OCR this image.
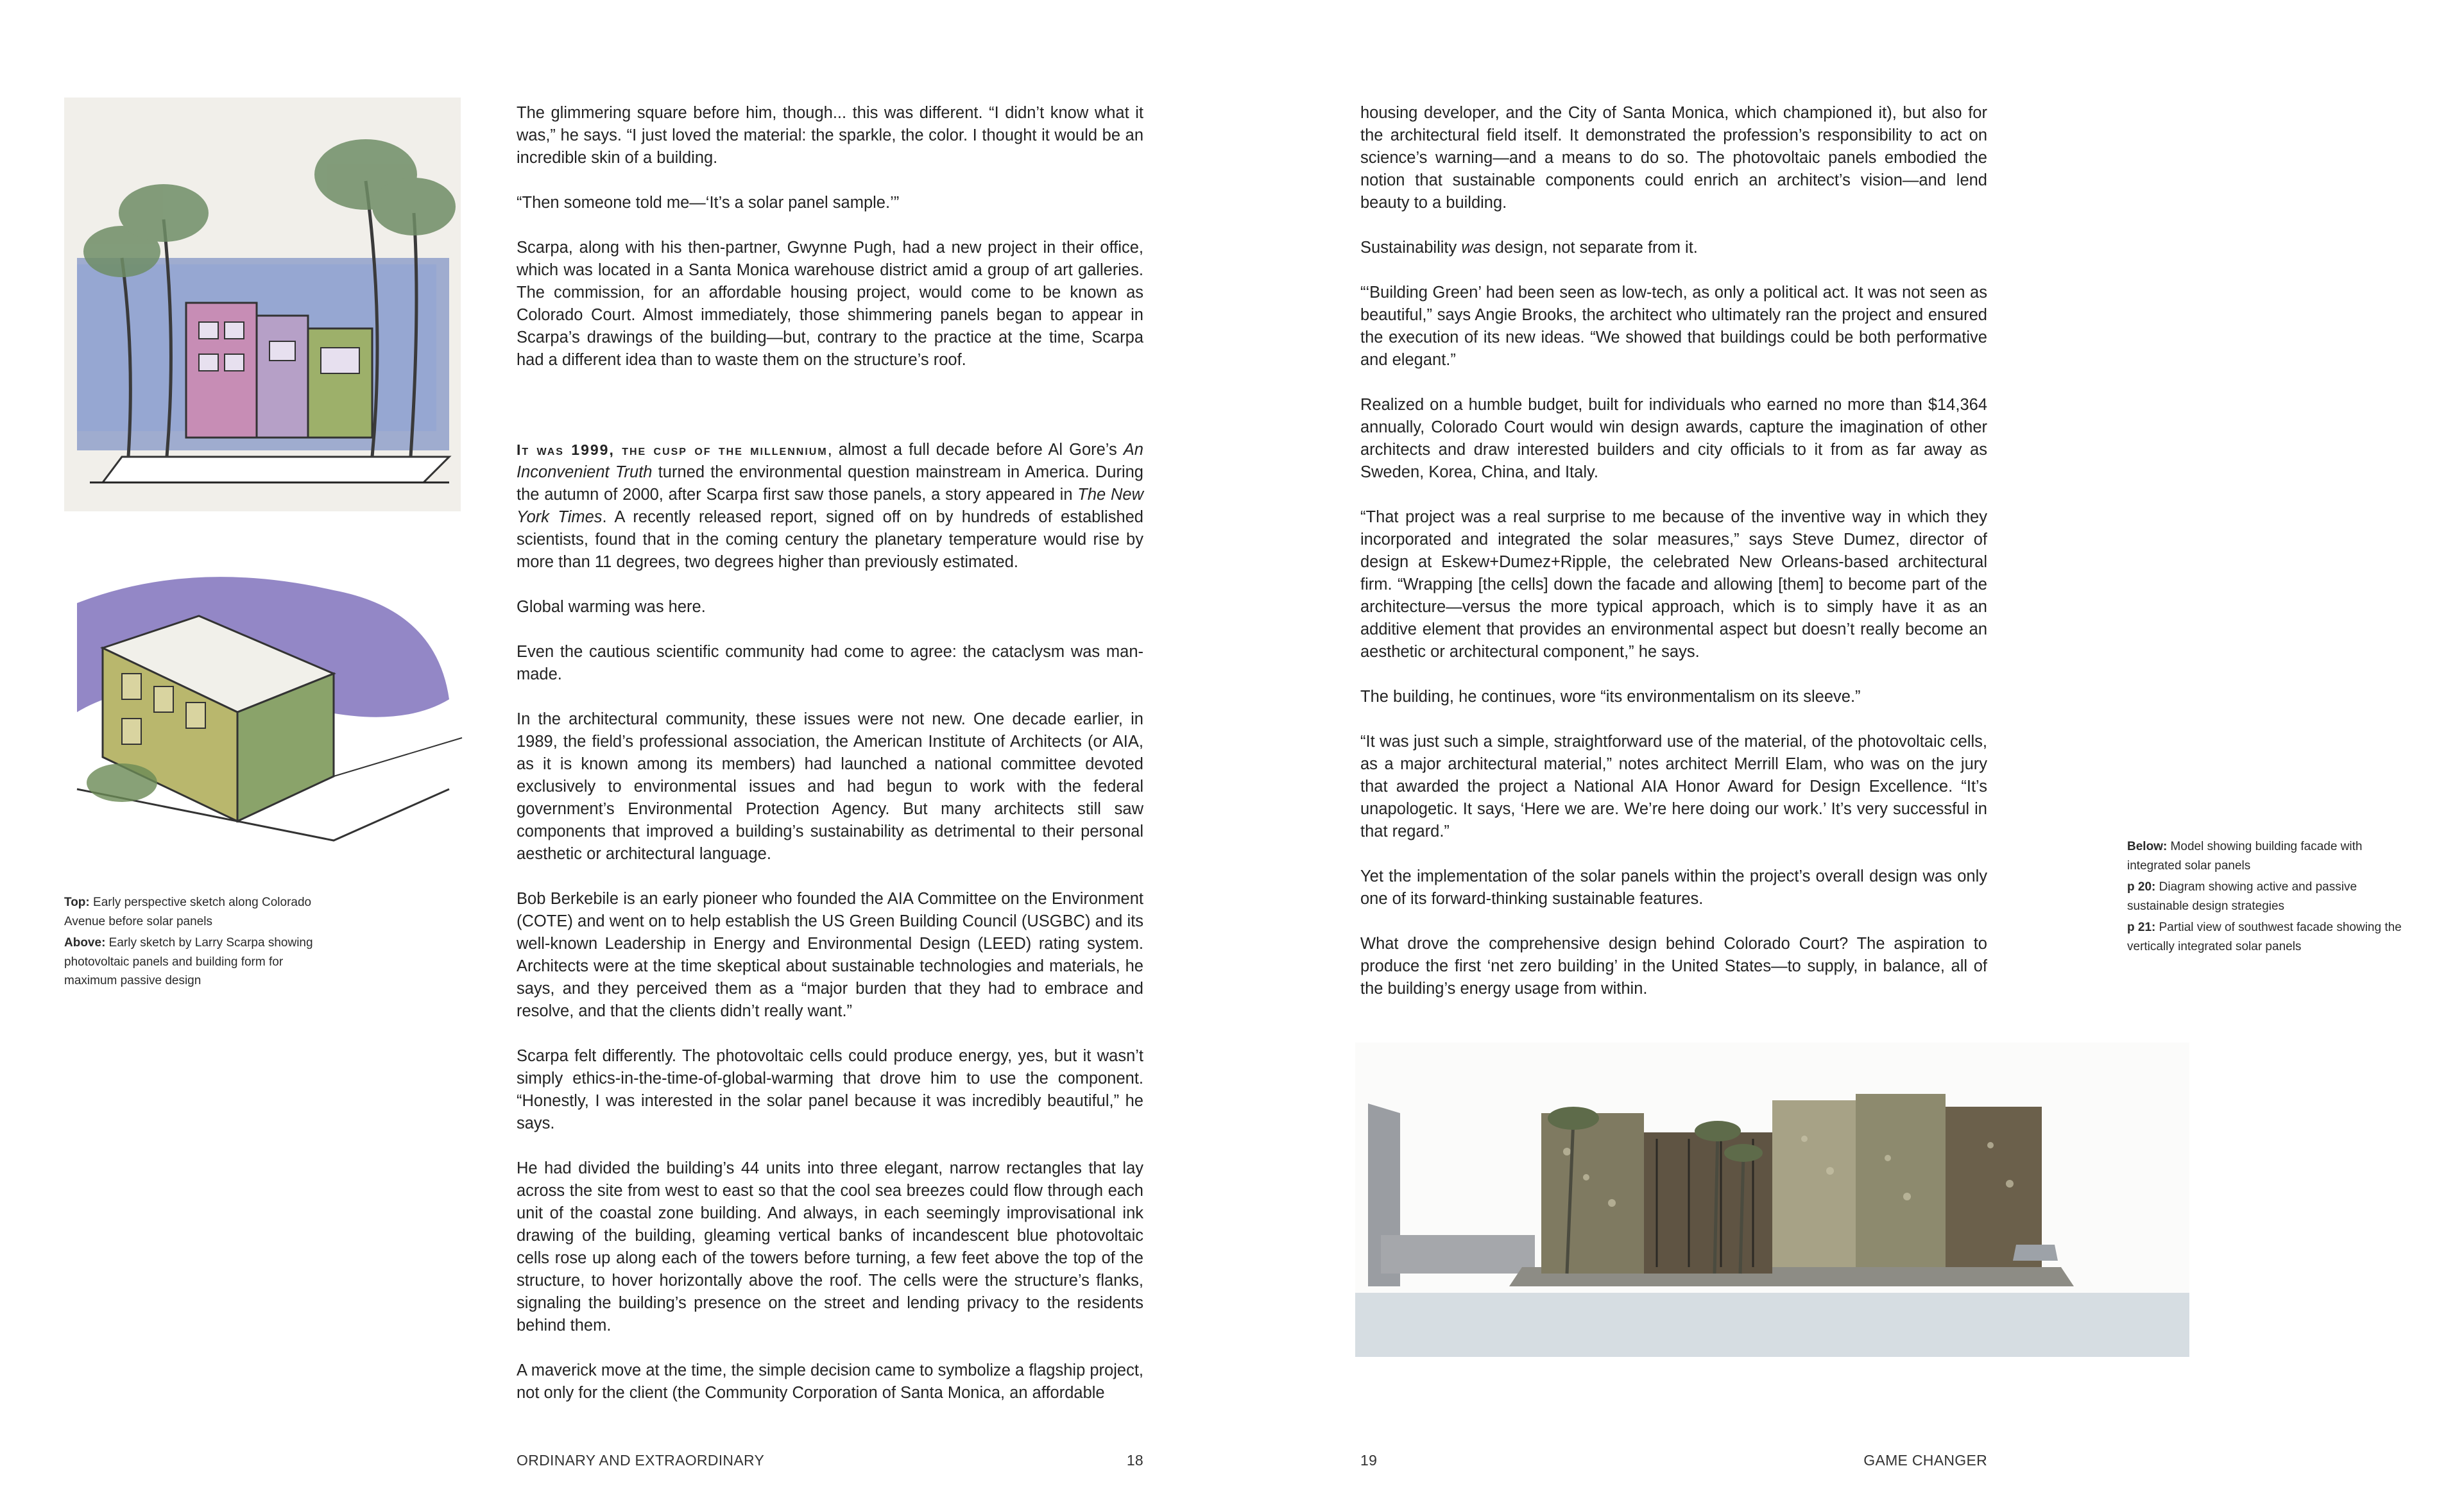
Top: Early perspective sketch along Colorado Avenue before solar panels

Above: Early sketch by Larry Scarpa showing photovoltaic panels and building form for maximum passive design

The glimmering square before him, though... this was different. “I didn’t know what it was,” he says. “I just loved the material: the sparkle, the color. I thought it would be an incredible skin of a building.

“Then someone told me—‘It’s a solar panel sample.’”

Scarpa, along with his then-partner, Gwynne Pugh, had a new project in their office, which was located in a Santa Monica warehouse district amid a group of art galleries. The commission, for an affordable housing project, would come to be known as Colorado Court. Almost immediately, those shimmering panels began to appear in Scarpa’s drawings of the building—but, contrary to the practice at the time, Scarpa had a different idea than to waste them on the structure’s roof.

It was 1999, the cusp of the millennium, almost a full decade before Al Gore’s An Inconvenient Truth turned the environmental question mainstream in America. During the autumn of 2000, after Scarpa first saw those panels, a story appeared in The New York Times. A recently released report, signed off on by hundreds of established scientists, found that in the coming century the planetary temperature would rise by more than 11 degrees, two degrees higher than previously estimated.

Global warming was here.

Even the cautious scientific community had come to agree: the cataclysm was man-made.

In the architectural community, these issues were not new. One decade earlier, in 1989, the field’s professional association, the American Institute of Architects (or AIA, as it is known among its members) had launched a national committee devoted exclusively to environmental issues and had begun to work with the federal government’s Environmental Protection Agency. But many architects still saw components that improved a building’s sustainability as detrimental to their personal aesthetic or architectural language.

Bob Berkebile is an early pioneer who founded the AIA Committee on the Environment (COTE) and went on to help establish the US Green Building Council (USGBC) and its well-known Leadership in Energy and Environmental Design (LEED) rating system. Architects were at the time skeptical about sustainable technologies and materials, he says, and they perceived them as a “major burden that they had to embrace and resolve, and that the clients didn’t really want.”

Scarpa felt differently. The photovoltaic cells could produce energy, yes, but it wasn’t simply ethics-in-the-time-of-global-warming that drove him to use the component. “Honestly, I was interested in the solar panel because it was incredibly beautiful,” he says.

He had divided the building’s 44 units into three elegant, narrow rectangles that lay across the site from west to east so that the cool sea breezes could flow through each unit of the coastal zone building. And always, in each seemingly improvisational ink drawing of the building, gleaming vertical banks of incandescent blue photovoltaic cells rose up along each of the towers before turning, a few feet above the top of the structure, to hover horizontally above the roof. The cells were the structure’s flanks, signaling the building’s presence on the street and lending privacy to the residents behind them.

A maverick move at the time, the simple decision came to symbolize a flagship project, not only for the client (the Community Corporation of Santa Monica, an affordable

ORDINARY AND EXTRAORDINARY	18

housing developer, and the City of Santa Monica, which championed it), but also for the architectural field itself. It demonstrated the profession’s responsibility to act on science’s warning—and a means to do so. The photovoltaic panels embodied the notion that sustainable components could enrich an architect’s vision—and lend beauty to a building.

Sustainability was design, not separate from it.

“‘Building Green’ had been seen as low-tech, as only a political act. It was not seen as beautiful,” says Angie Brooks, the architect who ultimately ran the project and ensured the execution of its new ideas. “We showed that buildings could be both performative and elegant.”

Realized on a humble budget, built for individuals who earned no more than $14,364 annually, Colorado Court would win design awards, capture the imagination of other architects and draw interested builders and city officials to it from as far away as Sweden, Korea, China, and Italy.

“That project was a real surprise to me because of the inventive way in which they incorporated and integrated the solar measures,” says Steve Dumez, director of design at Eskew+Dumez+Ripple, the celebrated New Orleans-based architectural firm. “Wrapping [the cells] down the facade and allowing [them] to become part of the architecture—versus the more typical approach, which is to simply have it as an additive element that provides an environmental aspect but doesn’t really become an aesthetic or architectural component,” he says.

The building, he continues, wore “its environmentalism on its sleeve.”

“It was just such a simple, straightforward use of the material, of the photovoltaic cells, as a major architectural material,” notes architect Merrill Elam, who was on the jury that awarded the project a National AIA Honor Award for Design Excellence. “It’s unapologetic. It says, ‘Here we are. We’re here doing our work.’ It’s very successful in that regard.”

Yet the implementation of the solar panels within the project’s overall design was only one of its forward-thinking sustainable features.

What drove the comprehensive design behind Colorado Court? The aspiration to produce the first ‘net zero building’ in the United States—to supply, in balance, all of the building’s energy usage from within.

Below: Model showing building facade with integrated solar panels

p 20: Diagram showing active and passive sustainable design strategies

p 21: Partial view of southwest facade showing the vertically integrated solar panels

19	GAME CHANGER
